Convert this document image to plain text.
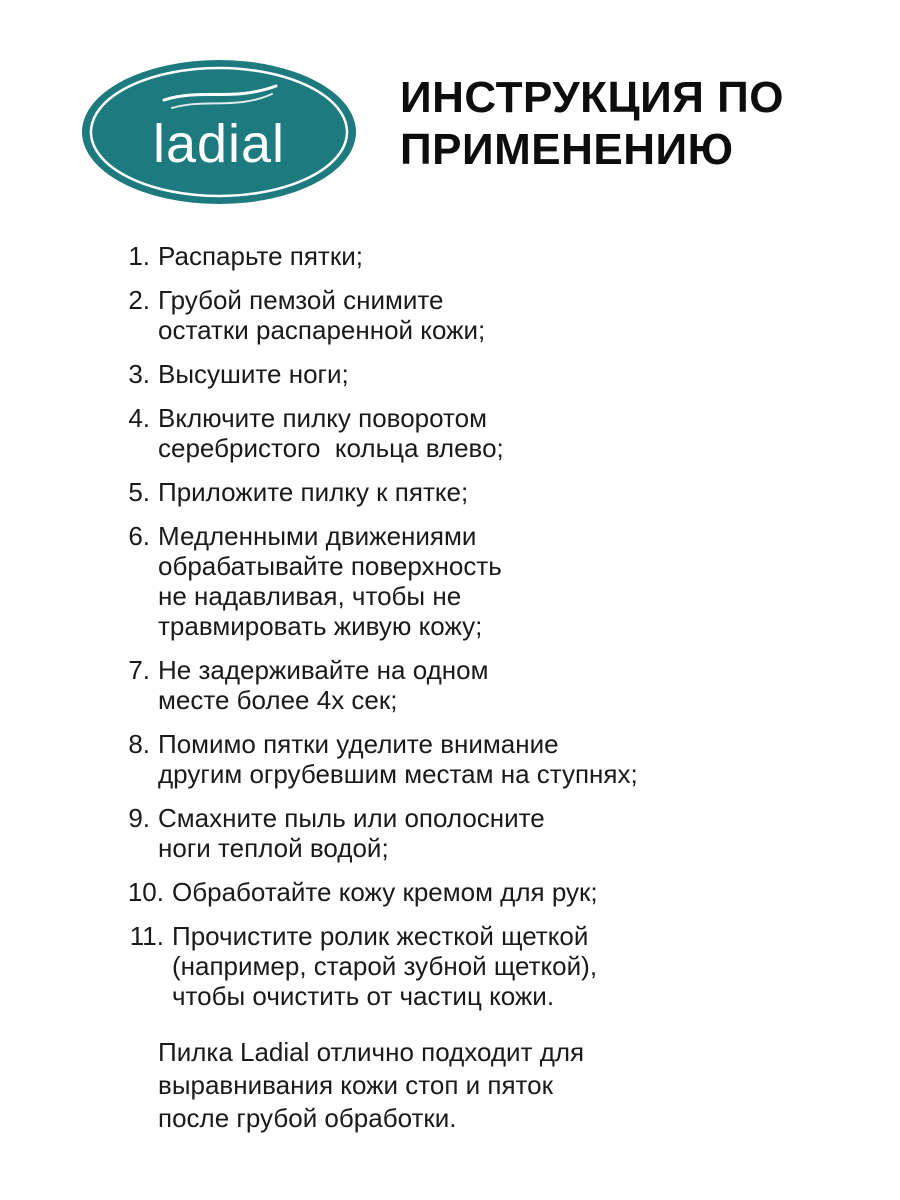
ladial
ИНСТРУКЦИЯ ПО
ПРИМЕНЕНИЮ
1. Распарьте пятки;
2. Грубой пемзой снимите
остатки распаренной кожи;
3. Высушите ноги;
4. Включите пилку поворотом
серебристого  кольца влево;
5. Приложите пилку к пятке;
6. Медленными движениями
обрабатывайте поверхность
не надавливая, чтобы не
травмировать живую кожу;
7. Не задерживайте на одном
месте более 4х сек;
8. Помимо пятки уделите внимание
другим огрубевшим местам на ступнях;
9. Смахните пыль или ополосните
ноги теплой водой;
10. Обработайте кожу кремом для рук;
11. Прочистите ролик жесткой щеткой
(например, старой зубной щеткой),
чтобы очистить от частиц кожи.

Пилка Ladial отлично подходит для
выравнивания кожи стоп и пяток
после грубой обработки.
